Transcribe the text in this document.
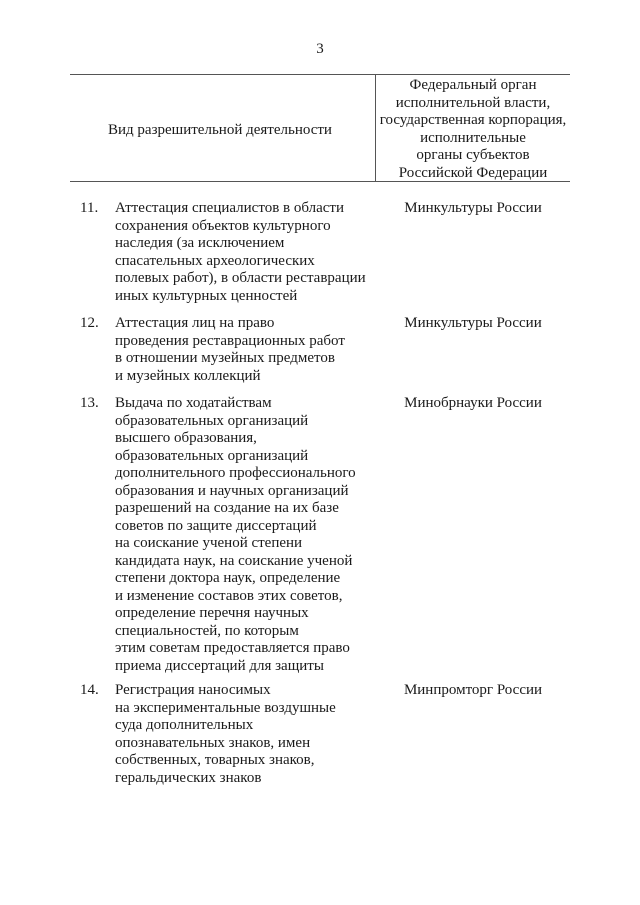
3
Вид разрешительной деятельности
Федеральный орган
исполнительной власти,
государственная корпорация,
исполнительные
органы субъектов
Российской Федерации
11. Аттестация специалистов в области
сохранения объектов культурного
наследия (за исключением
спасательных археологических
полевых работ), в области реставрации
иных культурных ценностей
Минкультуры России
12. Аттестация лиц на право
проведения реставрационных работ
в отношении музейных предметов
и музейных коллекций
Минкультуры России
13. Выдача по ходатайствам
образовательных организаций
высшего образования,
образовательных организаций
дополнительного профессионального
образования и научных организаций
разрешений на создание на их базе
советов по защите диссертаций
на соискание ученой степени
кандидата наук, на соискание ученой
степени доктора наук, определение
и изменение составов этих советов,
определение перечня научных
специальностей, по которым
этим советам предоставляется право
приема диссертаций для защиты
Минобрнауки России
14. Регистрация наносимых
на экспериментальные воздушные
суда дополнительных
опознавательных знаков, имен
собственных, товарных знаков,
геральдических знаков
Минпромторг России
